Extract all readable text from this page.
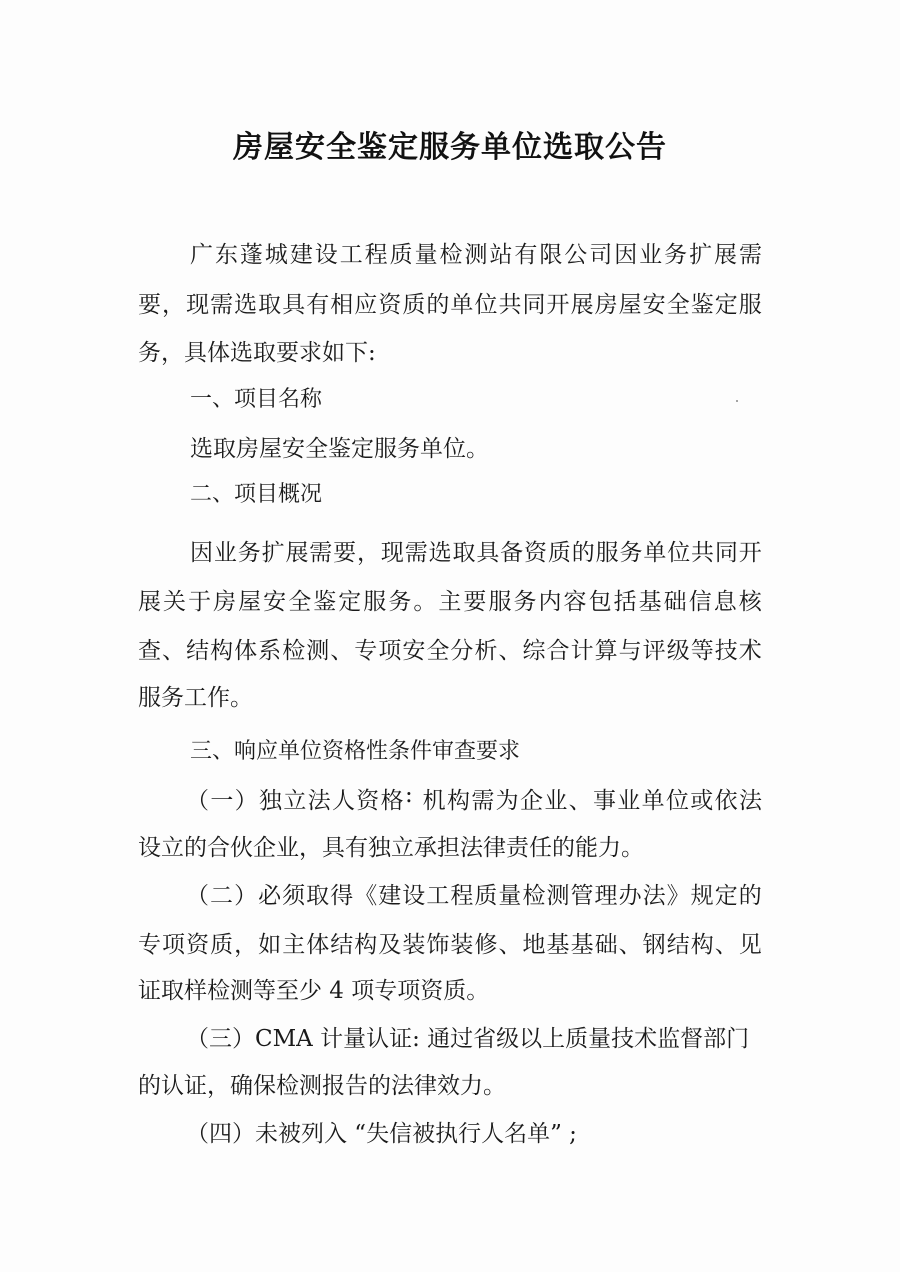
房屋安全鉴定服务单位选取公告
广 东 蓬 城 建 设 工 程 质 量 检 测 站 有 限 公 司 因 业 务 扩 展 需
要 ， 现 需 选 取 具 有 相 应 资 质 的 单 位 共 同 开 展 房 屋 安 全 鉴 定 服
务，具体选取要求如下:
一、项目名称
选取房屋安全鉴定服务单位。
二、项目概况
因 业 务 扩 展 需 要 ， 现 需 选 取 具 备 资 质 的 服 务 单 位 共 同 开
展 关 于 房 屋 安 全 鉴 定 服 务 。 主 要 服 务 内 容 包 括 基 础 信 息 核
查 、 结 构 体 系 检 测 、 专 项 安 全 分 析 、 综 合 计 算 与 评 级 等 技 术
服务工作。
三、响应单位资格性条件审查要求
（ 一 ） 独 立 法 人 资 格 :
机 构 需 为 企 业 、 事 业 单 位 或 依 法
设立的合伙企业，具有独立承担法律责任的能力。
（ 二 ） 必 须 取 得 《 建 设 工 程 质 量 检 测 管 理 办 法 》 规 定 的
专 项 资 质 ， 如 主 体 结 构 及 装 饰 装 修 、 地 基 基 础 、 钢 结 构 、 见
证取样检测等至少 4 项专项资质。
（三）CMA 计量认证: 通过省级以上质量技术监督部门
的认证，确保检测报告的法律效力。
（四）未被列入 “失信被执行人名单” ;
